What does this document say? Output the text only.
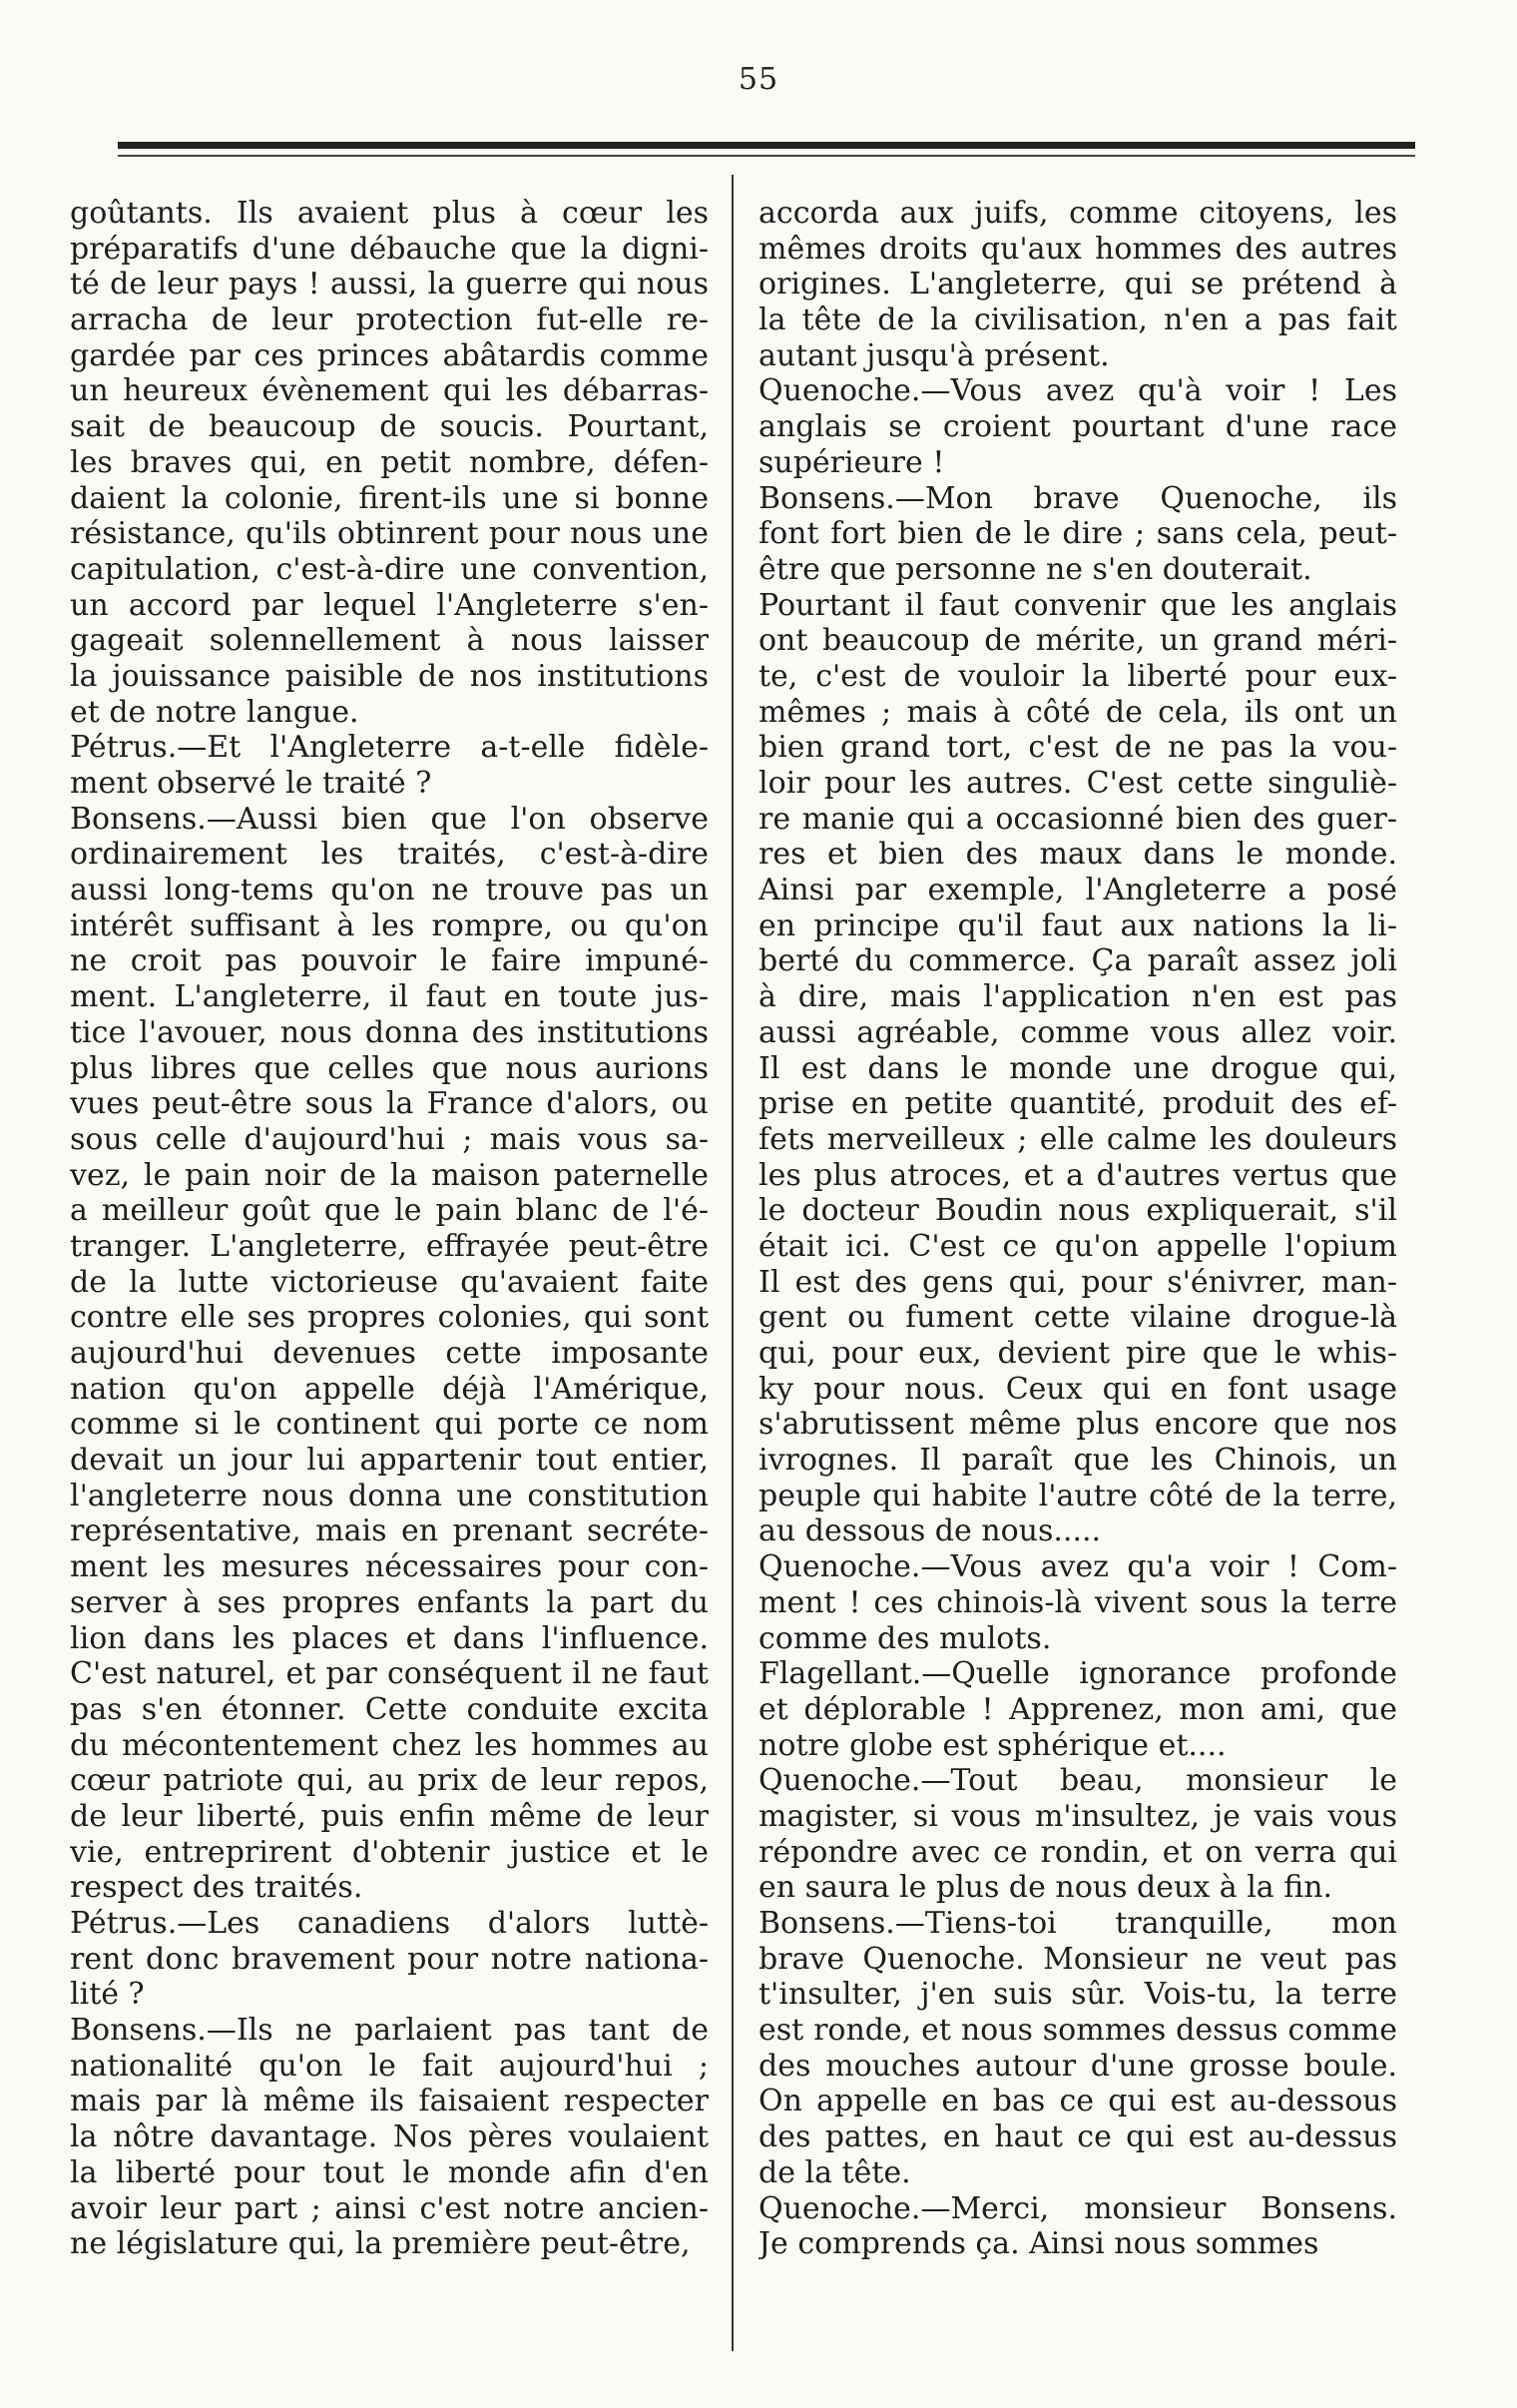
55
goûtants. Ils avaient plus à cœur les
préparatifs d'une débauche que la digni-
té de leur pays ! aussi, la guerre qui nous
arracha de leur protection fut-elle re-
gardée par ces princes abâtardis comme
un heureux évènement qui les débarras-
sait de beaucoup de soucis. Pourtant,
les braves qui, en petit nombre, défen-
daient la colonie, firent-ils une si bonne
résistance, qu'ils obtinrent pour nous une
capitulation, c'est-à-dire une convention,
un accord par lequel l'Angleterre s'en-
gageait solennellement à nous laisser
la jouissance paisible de nos institutions
et de notre langue.
Pétrus.—Et l'Angleterre a-t-elle fidèle-
ment observé le traité ?
Bonsens.—Aussi bien que l'on observe
ordinairement les traités, c'est-à-dire
aussi long-tems qu'on ne trouve pas un
intérêt suffisant à les rompre, ou qu'on
ne croit pas pouvoir le faire impuné-
ment. L'angleterre, il faut en toute jus-
tice l'avouer, nous donna des institutions
plus libres que celles que nous aurions
vues peut-être sous la France d'alors, ou
sous celle d'aujourd'hui ; mais vous sa-
vez, le pain noir de la maison paternelle
a meilleur goût que le pain blanc de l'é-
tranger. L'angleterre, effrayée peut-être
de la lutte victorieuse qu'avaient faite
contre elle ses propres colonies, qui sont
aujourd'hui devenues cette imposante
nation qu'on appelle déjà l'Amérique,
comme si le continent qui porte ce nom
devait un jour lui appartenir tout entier,
l'angleterre nous donna une constitution
représentative, mais en prenant secréte-
ment les mesures nécessaires pour con-
server à ses propres enfants la part du
lion dans les places et dans l'influence.
C'est naturel, et par conséquent il ne faut
pas s'en étonner. Cette conduite excita
du mécontentement chez les hommes au
cœur patriote qui, au prix de leur repos,
de leur liberté, puis enfin même de leur
vie, entreprirent d'obtenir justice et le
respect des traités.
Pétrus.—Les canadiens d'alors luttè-
rent donc bravement pour notre nationa-
lité ?
Bonsens.—Ils ne parlaient pas tant de
nationalité qu'on le fait aujourd'hui ;
mais par là même ils faisaient respecter
la nôtre davantage. Nos pères voulaient
la liberté pour tout le monde afin d'en
avoir leur part ; ainsi c'est notre ancien-
ne législature qui, la première peut-être,
accorda aux juifs, comme citoyens, les
mêmes droits qu'aux hommes des autres
origines. L'angleterre, qui se prétend à
la tête de la civilisation, n'en a pas fait
autant jusqu'à présent.
Quenoche.—Vous avez qu'à voir ! Les
anglais se croient pourtant d'une race
supérieure !
Bonsens.—Mon brave Quenoche, ils
font fort bien de le dire ; sans cela, peut-
être que personne ne s'en douterait.
Pourtant il faut convenir que les anglais
ont beaucoup de mérite, un grand méri-
te, c'est de vouloir la liberté pour eux-
mêmes ; mais à côté de cela, ils ont un
bien grand tort, c'est de ne pas la vou-
loir pour les autres. C'est cette singuliè-
re manie qui a occasionné bien des guer-
res et bien des maux dans le monde.
Ainsi par exemple, l'Angleterre a posé
en principe qu'il faut aux nations la li-
berté du commerce. Ça paraît assez joli
à dire, mais l'application n'en est pas
aussi agréable, comme vous allez voir.
Il est dans le monde une drogue qui,
prise en petite quantité, produit des ef-
fets merveilleux ; elle calme les douleurs
les plus atroces, et a d'autres vertus que
le docteur Boudin nous expliquerait, s'il
était ici. C'est ce qu'on appelle l'opium
Il est des gens qui, pour s'énivrer, man-
gent ou fument cette vilaine drogue-là
qui, pour eux, devient pire que le whis-
ky pour nous. Ceux qui en font usage
s'abrutissent même plus encore que nos
ivrognes. Il paraît que les Chinois, un
peuple qui habite l'autre côté de la terre,
au dessous de nous.....
Quenoche.—Vous avez qu'a voir ! Com-
ment ! ces chinois-là vivent sous la terre
comme des mulots.
Flagellant.—Quelle ignorance profonde
et déplorable ! Apprenez, mon ami, que
notre globe est sphérique et....
Quenoche.—Tout beau, monsieur le
magister, si vous m'insultez, je vais vous
répondre avec ce rondin, et on verra qui
en saura le plus de nous deux à la fin.
Bonsens.—Tiens-toi tranquille, mon
brave Quenoche. Monsieur ne veut pas
t'insulter, j'en suis sûr. Vois-tu, la terre
est ronde, et nous sommes dessus comme
des mouches autour d'une grosse boule.
On appelle en bas ce qui est au-dessous
des pattes, en haut ce qui est au-dessus
de la tête.
Quenoche.—Merci, monsieur Bonsens.
Je comprends ça. Ainsi nous sommes
